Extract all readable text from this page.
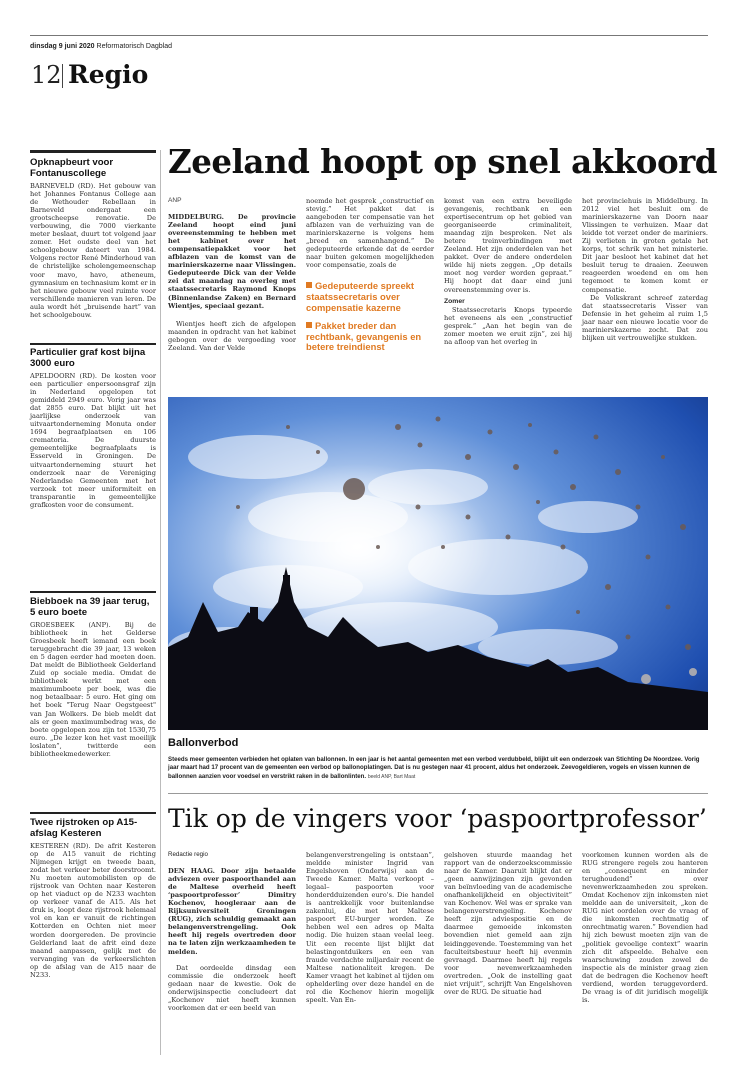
dinsdag 9 juni 2020 Reformatorisch Dagblad
12 Regio
Opknapbeurt voor Fontanuscollege

BARNEVELD (RD). Het gebouw van het Johannes Fontanus College aan de Wethouder Rebellaan in Barneveld ondergaat een grootscheepse renovatie. De verbouwing, die 7000 vierkante meter beslaat, duurt tot volgend jaar zomer. Het oudste deel van het schoolgebouw dateert van 1984. Volgens rector René Minderhoud van de christelijke scholengemeenschap voor mavo, havo, atheneum, gymnasium en technasium komt er in het nieuwe gebouw veel ruimte voor verschillende manieren van leren. De aula wordt hét „bruisende hart” van het schoolgebouw.

Particulier graf kost bijna 3000 euro

APELDOORN (RD). De kosten voor een particulier enpersoonsgraf zijn in Nederland opgelopen tot gemiddeld 2949 euro. Vorig jaar was dat 2855 euro. Dat blijkt uit het jaarlijkse onderzoek van uitvaartonderneming Monuta onder 1694 begraafplaatsen en 106 crematoria. De duurste gemeentelijke begraafplaats is Esserveld in Groningen. De uitvaartonderneming stuurt het onderzoek naar de Vereniging Nederlandse Gemeenten met het verzoek tot meer uniformiteit en transparantie in gemeentelijke grafkosten voor de consument.

Biebboek na 39 jaar terug, 5 euro boete

GROESBEEK (ANP). Bij de bibliotheek in het Gelderse Groesbeek heeft iemand een boek teruggebracht die 39 jaar, 13 weken en 5 dagen eerder had moeten doen. Dat meldt de Bibliotheek Gelderland Zuid op sociale media. Omdat de bibliotheek werkt met een maximumboete per boek, was die nog betaalbaar: 5 euro. Het ging om het boek "Terug Naar Oegstgeest" van Jan Wolkers. De bieb meldt dat als er geen maximumbedrag was, de boete opgelopen zou zijn tot 1530,75 euro. „De lezer kon het vast moeilijk loslaten”, twitterde een bibliotheekmedewerker.

Twee rijstroken op A15-afslag Kesteren

KESTEREN (RD). De afrit Kesteren op de A15 vanuit de richting Nijmegen krijgt en tweede baan, zodat het verkeer beter doorstroomt. Nu moeten automobilisten op de rijstrook van Ochten naar Kesteren op het viaduct op de N233 wachten op verkeer vanaf de A15. Als het druk is, loopt deze rijstrook helemaal vol en kan er vanuit de richtingen Kotterden en Ochten niet meer worden doorgereden. De provincie Gelderland laat de afrit eind deze maand aanpassen, gelijk met de vervanging van de verkeerslichten op de afslag van de A15 naar de N233.

Zeeland hoopt op snel akkoord
ANP

MIDDELBURG. De provincie Zeeland hoopt eind juni overeenstemming te hebben met het kabinet over het compensatiepakket voor het afblazen van de komst van de marinierskazerne naar Vlissingen. Gedeputeerde Dick van der Velde zei dat maandag na overleg met staatssecretaris Raymond Knops (Binnenlandse Zaken) en Bernard Wientjes, speciaal gezant.

Wientjes heeft zich de afgelopen maanden in opdracht van het kabinet gebogen over de vergoeding voor Zeeland. Van der Velde

noemde het gesprek „constructief en stevig.” Het pakket dat is aangeboden ter compensatie van het afblazen van de verhuizing van de marinierskazerne is volgens hem „breed en samenhangend.” De gedeputeerde erkende dat de eerder naar buiten gekomen mogelijkheden voor compensatie, zoals de

Gedeputeerde spreekt staatssecretaris over compensatie kazerne
Pakket breder dan rechtbank, gevangenis en betere treindienst

komst van een extra beveiligde gevangenis, rechtbank en een expertisecentrum op het gebied van georganiseerde criminaliteit, maandag zijn besproken. Net als betere treinverbindingen met Zeeland. Het zijn onderdelen van het pakket. Over de andere onderdelen wilde hij niets zeggen. „Op details moet nog verder worden gepraat.” Hij hoopt dat daar eind juni overeenstemming over is.

Zomer

Staatssecretaris Knops typeerde het eveneens als een „constructief gesprek.” „Aan het begin van de zomer moeten we eruit zijn”, zei hij na afloop van het overleg in

het provinciehuis in Middelburg. In 2012 viel het besluit om de marinierskazerne van Doorn naar Vlissingen te verhuizen. Maar dat leidde tot verzet onder de mariniers. Zij verlieten in groten getale het korps, tot schrik van het ministerie. Dit jaar besloot het kabinet dat het besluit terug te draaien. Zeeuwen reageerden woedend en om hen tegemoet te komen komt er compensatie.

De Volkskrant schreef zaterdag dat staatssecretaris Visser van Defensie in het geheim al ruim 1,5 jaar naar een nieuwe locatie voor de marinierskazerne zocht. Dat zou blijken uit vertrouwelijke stukken.

Ballonverbod
Steeds meer gemeenten verbieden het oplaten van ballonnen. In een jaar is het aantal gemeenten met een verbod verdubbeld, blijkt uit een onderzoek van Stichting De Noordzee. Vorig jaar maart had 17 procent van de gemeenten een verbod op ballonoplatingen. Dat is nu gestegen naar 41 procent, aldus het onderzoek. Zeevogeldieren, vogels en vissen kunnen de ballonnen aanzien voor voedsel en verstrikt raken in de ballonlinten. beeld ANP, Bart Maat
Tik op de vingers voor ‘paspoortprofessor’
Redactie regio

DEN HAAG. Door zijn betaalde adviezen over paspoorthandel aan de Maltese overheid heeft ‘paspoortprofessor’ Dimitry Kochenov, hoogleraar aan de Rijksuniversiteit Groningen (RUG), zich schuldig gemaakt aan belangenverstrengeling. Ook heeft hij regels overtreden door na te laten zijn werkzaamheden te melden.

Dat oordeelde dinsdag een commissie die onderzoek heeft gedaan naar de kwestie. Ook de onderwijsinspectie concludeert dat „Kochenov niet heeft kunnen voorkomen dat er een beeld van

belangenverstrengeling is ontstaan”, meldde minister Ingrid van Engelshoven (Onderwijs) aan de Tweede Kamer. Malta verkoopt –legaal– paspoorten voor honderdduizenden euro's. Die handel is aantrekkelijk voor buitenlandse zakenlui, die met het Maltese paspoort EU-burger worden. Ze hebben wel een adres op Malta nodig. Die huizen staan veelal leeg. Uit een recente lijst blijkt dat belastingontduikers en een van fraude verdachte miljardair recent de Maltese nationaliteit kregen. De Kamer vraagt het kabinet al tijden om ophelderling over deze handel en de rol die Kochenov hierin mogelijk speelt. Van En-

gelshoven stuurde maandag het rapport van de onderzoekscommissie naar de Kamer. Daaruit blijkt dat er „geen aanwijzingen zijn gevonden van beïnvloeding van de academische onafhankelijkheid en objectiviteit” van Kochenov. Wel was er sprake van belangenverstrengeling. Kochenov heeft zijn adviespositie en de daarmee gemoeide inkomsten bovendien niet gemeld aan zijn leidinggevende. Toestemming van het faculteitsbestuur heeft hij evenmin gevraagd. Daarmee heeft hij regels voor nevenwerkzaamheden overtreden. „Ook de instelling gaat niet vrijuit”, schrijft Van Engelshoven over de RUG. De situatie had

voorkomen kunnen worden als de RUG strengere regels zou hanteren en „consequent en minder terughoudend” over nevenwerkzaamheden zou spreken. Omdat Kochenov zijn inkomsten niet meldde aan de universiteit, „kon de RUG niet oordelen over de vraag of die inkomsten rechtmatig of onrechtmatig waren.” Bovendien had hij zich bewust moeten zijn van de „politiek gevoelige context” waarin zich dit afspeelde. Behalve een waarschuwing zouden zowel de inspectie als de minister graag zien dat de bedragen die Kochenov heeft verdiend, worden teruggevorderd. De vraag is of dit juridisch mogelijk is.
